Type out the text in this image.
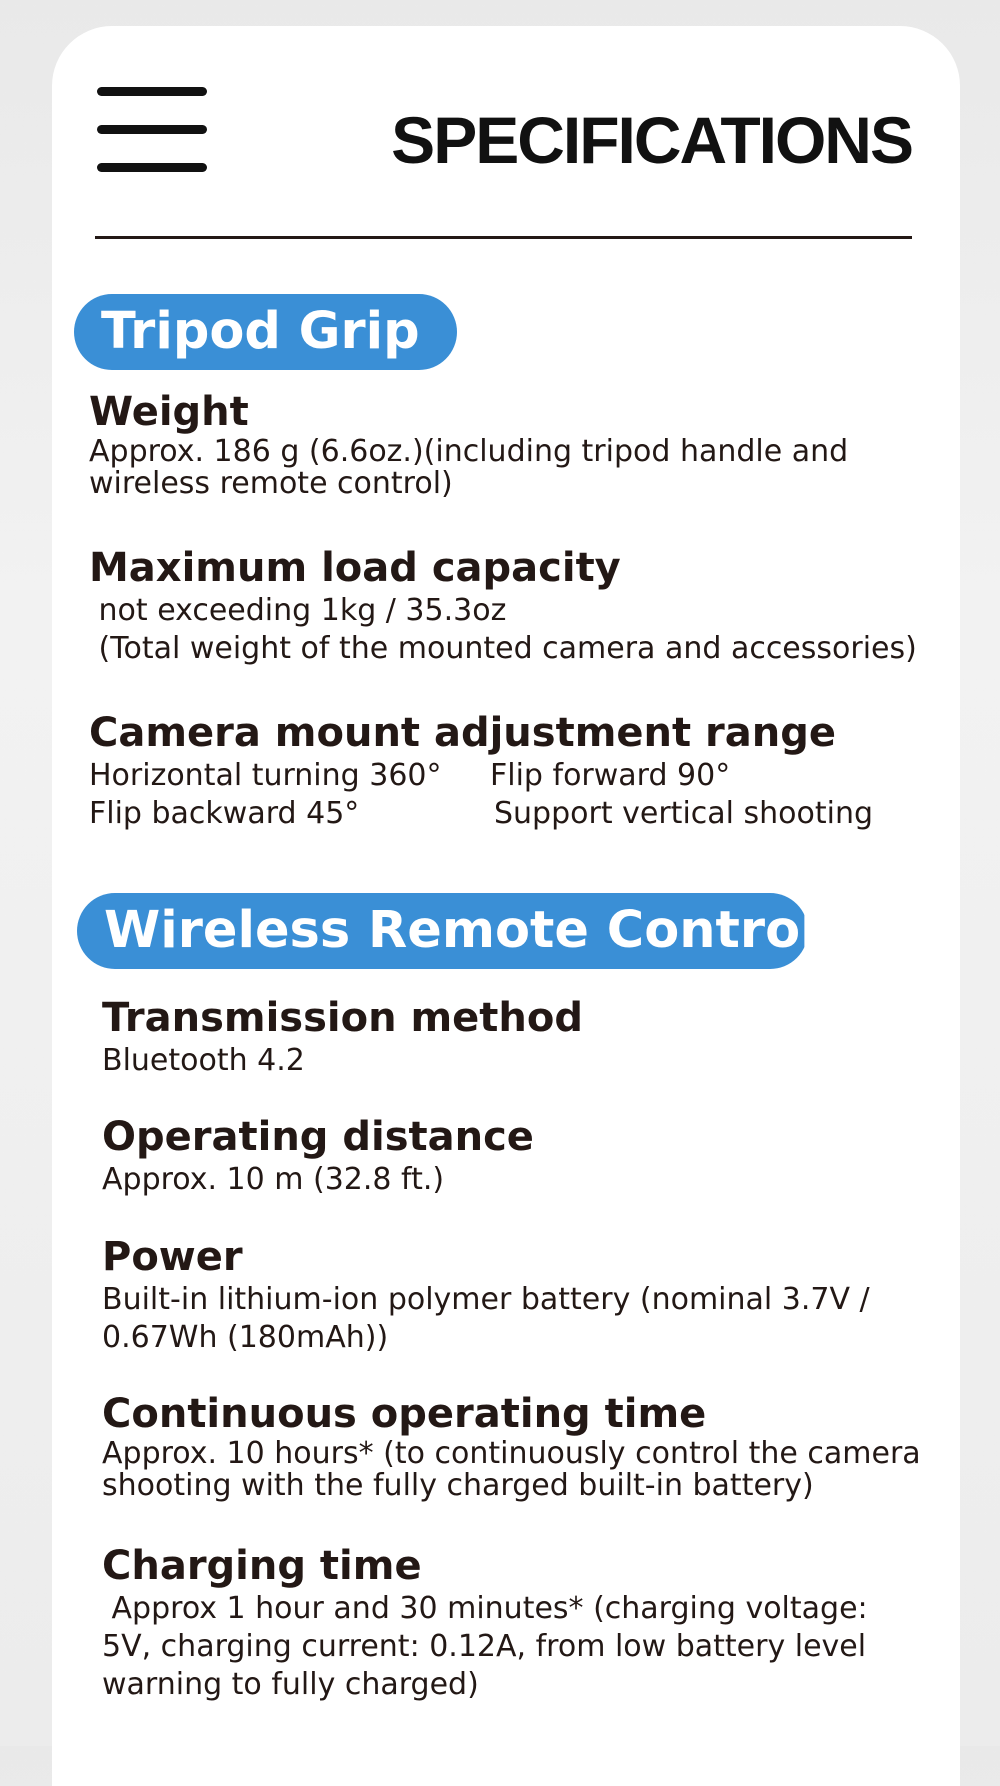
SPECIFICATIONS
Tripod Grip
Weight
Approx. 186 g (6.6oz.)(including tripod handle and
wireless remote control)
Maximum load capacity
not exceeding 1kg / 35.3oz
(Total weight of the mounted camera and accessories)
Camera mount adjustment range
Horizontal turning 360° Flip forward 90°
Flip backward 45°	Support vertical shooting
Wireless Remote Control
Transmission method
Bluetooth 4.2
Operating distance
Approx. 10 m (32.8 ft.)
Power
Built-in lithium-ion polymer battery (nominal 3.7V /
0.67Wh (180mAh))
Continuous operating time
Approx. 10 hours* (to continuously control the camera
shooting with the fully charged built-in battery)
Charging time
Approx 1 hour and 30 minutes* (charging voltage:
5V, charging current: 0.12A, from low battery level
warning to fully charged)
